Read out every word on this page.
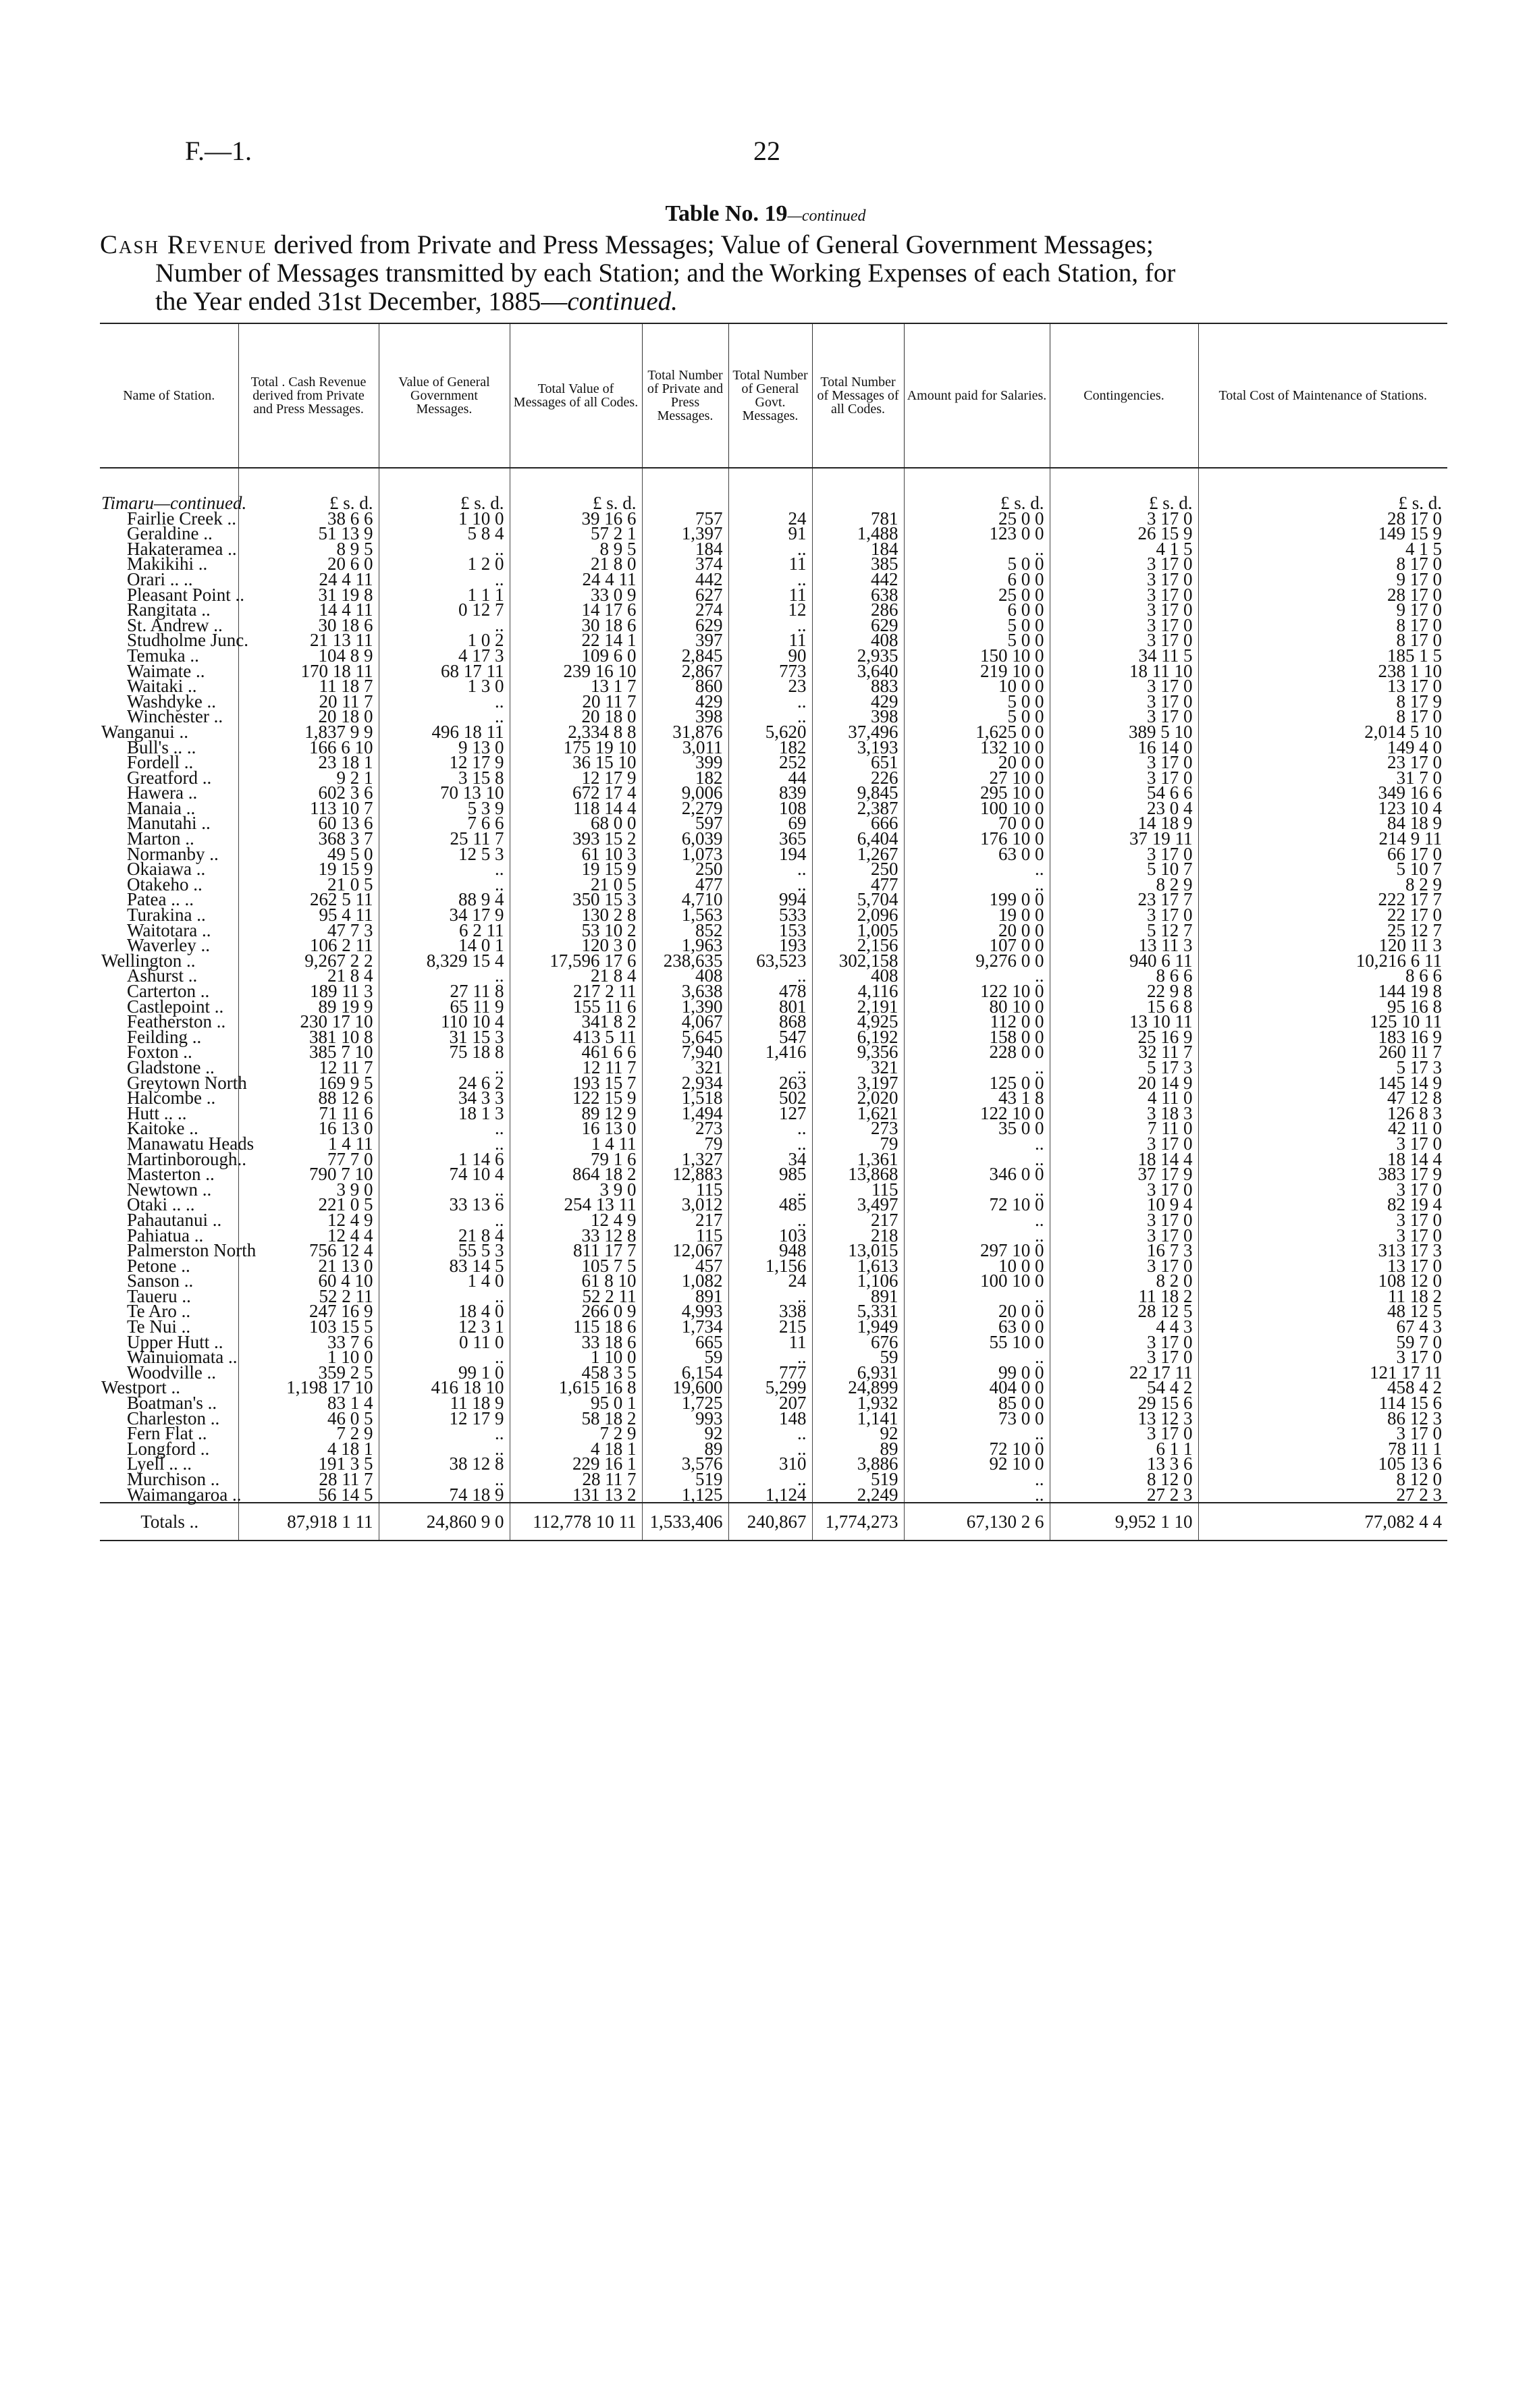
F.—1.	22
Table No. 19—continued
Cash Revenue derived from Private and Press Messages; Value of General Government Messages;
Number of Messages transmitted by each Station; and the Working Expenses of each Station, for
the Year ended 31st December, 1885—continued.
Name of Station.	Total . Cash Revenue derived from Private and Press Messages.	Value of General Government Messages.	Total Value of Messages of all Codes.	Total Number of Private and Press Messages.	Total Number of General Govt. Messages.	Total Number of Messages of all Codes.	Amount paid for Salaries.	Contingencies.	Total Cost of Maintenance of Stations.

Timaru—continued.	£ s. d.	£ s. d.	£ s. d.				£ s. d.	£ s. d.	£ s. d.
Fairlie Creek ..	38 6 6	1 10 0	39 16 6	757	24	781	25 0 0	3 17 0	28 17 0
Geraldine ..	51 13 9	5 8 4	57 2 1	1,397	91	1,488	123 0 0	26 15 9	149 15 9
Hakateramea ..	8 9 5	..	8 9 5	184	..	184	..	4 1 5	4 1 5
Makikihi ..	20 6 0	1 2 0	21 8 0	374	11	385	5 0 0	3 17 0	8 17 0
Orari .. ..	24 4 11	..	24 4 11	442	..	442	6 0 0	3 17 0	9 17 0
Pleasant Point ..	31 19 8	1 1 1	33 0 9	627	11	638	25 0 0	3 17 0	28 17 0
Rangitata ..	14 4 11	0 12 7	14 17 6	274	12	286	6 0 0	3 17 0	9 17 0
St. Andrew ..	30 18 6	..	30 18 6	629	..	629	5 0 0	3 17 0	8 17 0
Studholme Junc.	21 13 11	1 0 2	22 14 1	397	11	408	5 0 0	3 17 0	8 17 0
Temuka ..	104 8 9	4 17 3	109 6 0	2,845	90	2,935	150 10 0	34 11 5	185 1 5
Waimate ..	170 18 11	68 17 11	239 16 10	2,867	773	3,640	219 10 0	18 11 10	238 1 10
Waitaki ..	11 18 7	1 3 0	13 1 7	860	23	883	10 0 0	3 17 0	13 17 0
Washdyke ..	20 11 7	..	20 11 7	429	..	429	5 0 0	3 17 0	8 17 9
Winchester ..	20 18 0	..	20 18 0	398	..	398	5 0 0	3 17 0	8 17 0
Wanganui ..	1,837 9 9	496 18 11	2,334 8 8	31,876	5,620	37,496	1,625 0 0	389 5 10	2,014 5 10
Bull's .. ..	166 6 10	9 13 0	175 19 10	3,011	182	3,193	132 10 0	16 14 0	149 4 0
Fordell ..	23 18 1	12 17 9	36 15 10	399	252	651	20 0 0	3 17 0	23 17 0
Greatford ..	9 2 1	3 15 8	12 17 9	182	44	226	27 10 0	3 17 0	31 7 0
Hawera ..	602 3 6	70 13 10	672 17 4	9,006	839	9,845	295 10 0	54 6 6	349 16 6
Manaia ..	113 10 7	5 3 9	118 14 4	2,279	108	2,387	100 10 0	23 0 4	123 10 4
Manutahi ..	60 13 6	7 6 6	68 0 0	597	69	666	70 0 0	14 18 9	84 18 9
Marton ..	368 3 7	25 11 7	393 15 2	6,039	365	6,404	176 10 0	37 19 11	214 9 11
Normanby ..	49 5 0	12 5 3	61 10 3	1,073	194	1,267	63 0 0	3 17 0	66 17 0
Okaiawa ..	19 15 9	..	19 15 9	250	..	250	..	5 10 7	5 10 7
Otakeho ..	21 0 5	..	21 0 5	477	..	477	..	8 2 9	8 2 9
Patea .. ..	262 5 11	88 9 4	350 15 3	4,710	994	5,704	199 0 0	23 17 7	222 17 7
Turakina ..	95 4 11	34 17 9	130 2 8	1,563	533	2,096	19 0 0	3 17 0	22 17 0
Waitotara ..	47 7 3	6 2 11	53 10 2	852	153	1,005	20 0 0	5 12 7	25 12 7
Waverley ..	106 2 11	14 0 1	120 3 0	1,963	193	2,156	107 0 0	13 11 3	120 11 3
Wellington ..	9,267 2 2	8,329 15 4	17,596 17 6	238,635	63,523	302,158	9,276 0 0	940 6 11	10,216 6 11
Ashurst ..	21 8 4	..	21 8 4	408	..	408	..	8 6 6	8 6 6
Carterton ..	189 11 3	27 11 8	217 2 11	3,638	478	4,116	122 10 0	22 9 8	144 19 8
Castlepoint ..	89 19 9	65 11 9	155 11 6	1,390	801	2,191	80 10 0	15 6 8	95 16 8
Featherston ..	230 17 10	110 10 4	341 8 2	4,067	868	4,925	112 0 0	13 10 11	125 10 11
Feilding ..	381 10 8	31 15 3	413 5 11	5,645	547	6,192	158 0 0	25 16 9	183 16 9
Foxton ..	385 7 10	75 18 8	461 6 6	7,940	1,416	9,356	228 0 0	32 11 7	260 11 7
Gladstone ..	12 11 7	..	12 11 7	321	..	321	..	5 17 3	5 17 3
Greytown North	169 9 5	24 6 2	193 15 7	2,934	263	3,197	125 0 0	20 14 9	145 14 9
Halcombe ..	88 12 6	34 3 3	122 15 9	1,518	502	2,020	43 1 8	4 11 0	47 12 8
Hutt .. ..	71 11 6	18 1 3	89 12 9	1,494	127	1,621	122 10 0	3 18 3	126 8 3
Kaitoke ..	16 13 0	..	16 13 0	273	..	273	35 0 0	7 11 0	42 11 0
Manawatu Heads	1 4 11	..	1 4 11	79	..	79	..	3 17 0	3 17 0
Martinborough..	77 7 0	1 14 6	79 1 6	1,327	34	1,361	..	18 14 4	18 14 4
Masterton ..	790 7 10	74 10 4	864 18 2	12,883	985	13,868	346 0 0	37 17 9	383 17 9
Newtown ..	3 9 0	..	3 9 0	115	..	115	..	3 17 0	3 17 0
Otaki .. ..	221 0 5	33 13 6	254 13 11	3,012	485	3,497	72 10 0	10 9 4	82 19 4
Pahautanui ..	12 4 9	..	12 4 9	217	..	217	..	3 17 0	3 17 0
Pahiatua ..	12 4 4	21 8 4	33 12 8	115	103	218	..	3 17 0	3 17 0
Palmerston North	756 12 4	55 5 3	811 17 7	12,067	948	13,015	297 10 0	16 7 3	313 17 3
Petone ..	21 13 0	83 14 5	105 7 5	457	1,156	1,613	10 0 0	3 17 0	13 17 0
Sanson ..	60 4 10	1 4 0	61 8 10	1,082	24	1,106	100 10 0	8 2 0	108 12 0
Taueru ..	52 2 11	..	52 2 11	891	..	891	..	11 18 2	11 18 2
Te Aro ..	247 16 9	18 4 0	266 0 9	4,993	338	5,331	20 0 0	28 12 5	48 12 5
Te Nui ..	103 15 5	12 3 1	115 18 6	1,734	215	1,949	63 0 0	4 4 3	67 4 3
Upper Hutt ..	33 7 6	0 11 0	33 18 6	665	11	676	55 10 0	3 17 0	59 7 0
Wainuiomata ..	1 10 0	..	1 10 0	59	..	59	..	3 17 0	3 17 0
Woodville ..	359 2 5	99 1 0	458 3 5	6,154	777	6,931	99 0 0	22 17 11	121 17 11
Westport ..	1,198 17 10	416 18 10	1,615 16 8	19,600	5,299	24,899	404 0 0	54 4 2	458 4 2
Boatman's ..	83 1 4	11 18 9	95 0 1	1,725	207	1,932	85 0 0	29 15 6	114 15 6
Charleston ..	46 0 5	12 17 9	58 18 2	993	148	1,141	73 0 0	13 12 3	86 12 3
Fern Flat ..	7 2 9	..	7 2 9	92	..	92	..	3 17 0	3 17 0
Longford ..	4 18 1	..	4 18 1	89	..	89	72 10 0	6 1 1	78 11 1
Lyell .. ..	191 3 5	38 12 8	229 16 1	3,576	310	3,886	92 10 0	13 3 6	105 13 6
Murchison ..	28 11 7	..	28 11 7	519	..	519	..	8 12 0	8 12 0
Waimangaroa ..	56 14 5	74 18 9	131 13 2	1,125	1,124	2,249	..	27 2 3	27 2 3
Totals ..	87,918 1 11	24,860 9 0	112,778 10 11	1,533,406	240,867	1,774,273	67,130 2 6	9,952 1 10	77,082 4 4
